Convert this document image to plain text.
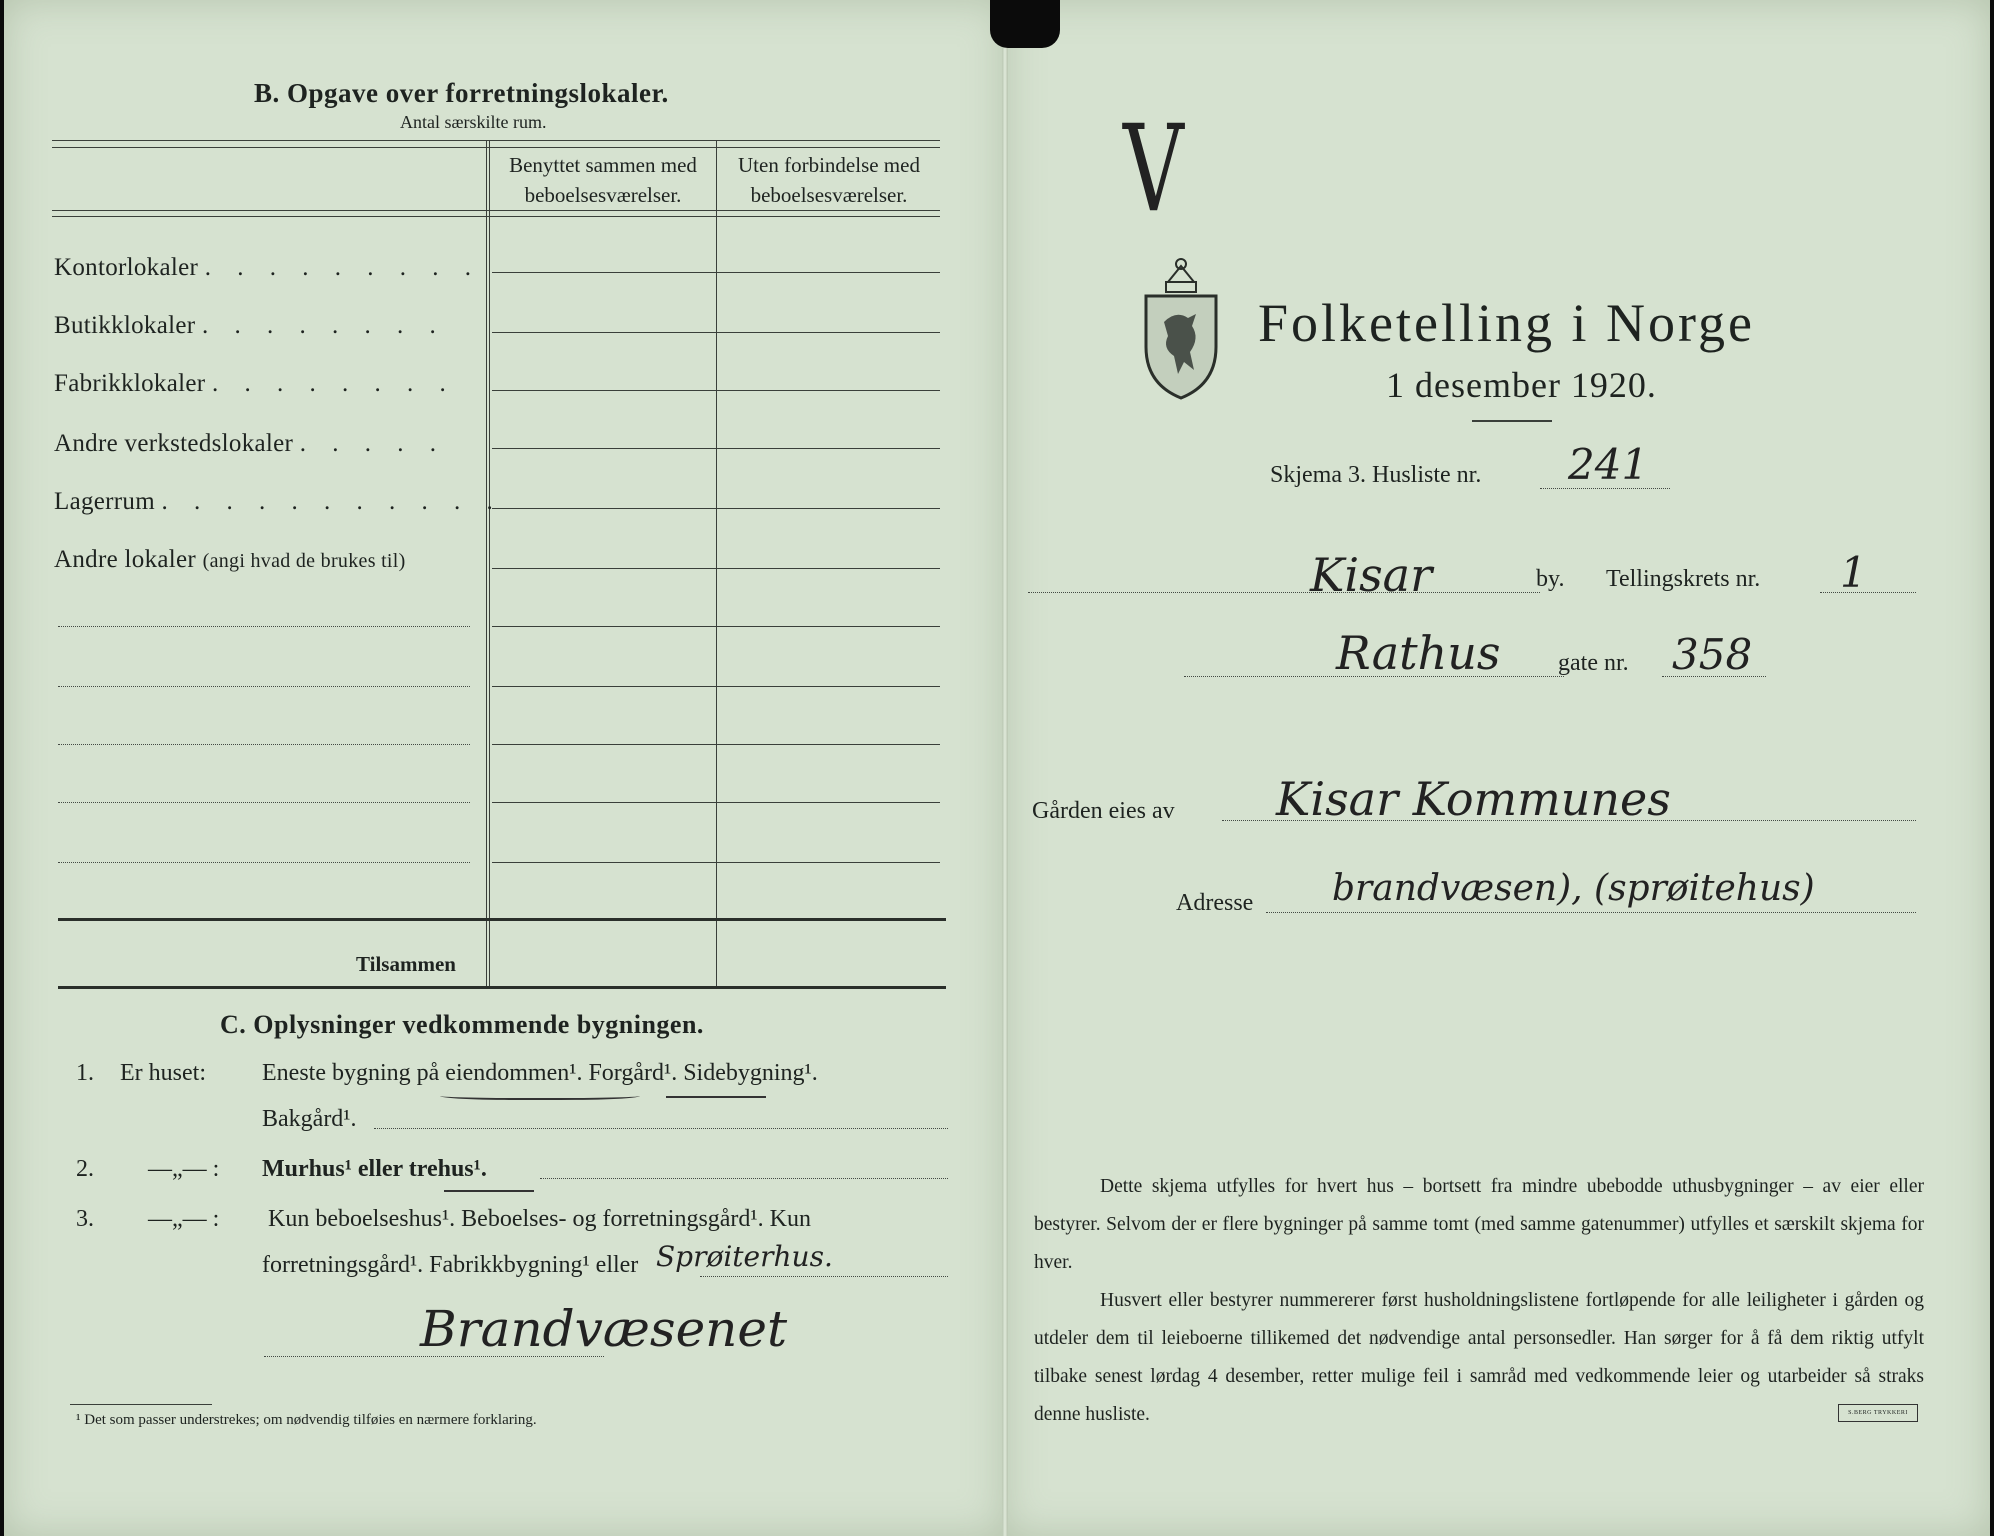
B. Opgave over forretningslokaler.
Antal særskilte rum.
Benyttet sammen med beboelsesværelser.
Uten forbindelse med beboelsesværelser.
Kontorlokaler . . . . . . . . .
Butikklokaler . . . . . . . .
Fabrikklokaler . . . . . . . .
Andre verkstedslokaler . . . . .
Lagerrum . . . . . . . . . . .
Andre lokaler (angi hvad de brukes til)
Tilsammen
C. Oplysninger vedkommende bygningen.
1. Er huset: Eneste bygning på eiendommen¹. Forgård¹. Sidebygning¹.
Bakgård¹.
2. —„— : Murhus¹ eller trehus¹.
3. —„— : Kun beboelseshus¹. Beboelses- og forretningsgård¹. Kun
forretningsgård¹. Fabrikkbygning¹ eller Sprøiterhus.
Brandvæsenet
¹ Det som passer understrekes; om nødvendig tilføies en nærmere forklaring.
V
Folketelling i Norge
1 desember 1920.
Skjema 3. Husliste nr. 241
Kisar	by. Tellingskrets nr. 1
Rathus gate nr. 358
Gården eies av Kisar Kommunes
Adresse brandvæsen), (sprøitehus)
Dette skjema utfylles for hvert hus – bortsett fra mindre ubebodde uthusbygninger – av eier eller bestyrer. Selvom der er flere bygninger på samme tomt (med samme gatenummer) utfylles et særskilt skjema for hver.
Husvert eller bestyrer nummererer først husholdningslistene fortløpende for alle leiligheter i gården og utdeler dem til leieboerne tillikemed det nødvendige antal personsedler. Han sørger for å få dem riktig utfylt tilbake senest lørdag 4 desember, retter mulige feil i samråd med vedkommende leier og utarbeider så straks denne husliste.	S.BERG TRYKKERI
